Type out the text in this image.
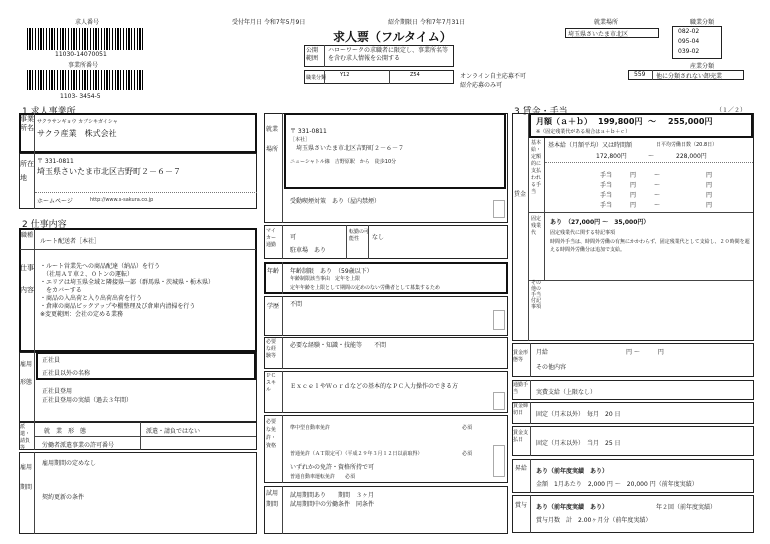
求人番号
11030-14070051
事業所番号
1103- 3454-5
受付年月日 令和7年5月9日	紹介期限日 令和7年7月31日
求人票（フルタイム）
公開範囲
ハローワークの求職者に限定し、事業所名等を含む求人情報を公開する
職業分類	Y12	Z54	オンライン自主応募不可
紹介応募のみ可
就業場所
埼玉県さいたま市北区
職業分類
082-02
095-04
039-02
産業分類
559 他に分類されない卸売業
1 求人事業所
事業所名
サクラサンギョウ カブシキガイシャ
サクラ産業　株式会社
所在地
〒 331-0811
埼玉県さいたま市北区吉野町２－６－７
ホームページ	http://www.s-sakura.co.jp
2 仕事内容
職種
ルート配送者［本社］
仕事内容

・ルート営業先への商品配達（納品）を行う
　（社用ＡＴ車２、０トンの運転）
・エリアは埼玉県全域と隣接県一部（群馬県・茨城県・栃木県）
　をカバーする
・商品の入出荷と入り出荷出荷を行う
・倉庫の商品ピックアップや棚整理及び倉庫内清掃を行う
※変更範囲：会社の定める業務

雇用形態
正社員
正社員以外の名称
正社員登用
正社員登用の実績（過去３年間）
派遣・請負等
就　業　形　態	派遣・請負ではない
労働者派遣事業の許可番号
雇用期間
雇用期間の定めなし
契約更新の条件
就業場所
〒 331-0811
［本社］
埼玉県さいたま市北区吉野町２－６－７
ニューシャトル線　吉野原駅　から　徒歩10分
受動喫煙対策　あり（屋内禁煙）
マイカー通勤
可
駐車場　あり
転勤の可能性	なし
年齢 年齢制限　あり　（59歳以下）
年齢制限該当事由　定年を上限
定年年齢を上限として期間の定めのない労働者として募集するため
学歴 不問
必要な経験等
必要な経験・知識・技能等　　不問
ＰＣスキル	ＥｘｃｅｌやＷｏｒｄなどの基本的なＰＣ入力操作のできる方
必要な免許・資格
準中型自動車免許	必須
普通免許（ＡＴ限定可）（平成２９年３月１２日以前取得）	必須
いずれかの免許・資格所持で可
普通自動車運転免許　　必須
試用期間
試用期間あり　　期間　３ヶ月
試用期間中の労働条件　同条件
3 賃金・手当	（１／２）
賃金
月額（ａ＋ｂ） 199,800円 ～ 255,000円
※（固定残業代がある場合はａ＋ｂ＋ｃ）
基本給・定額的に支払われる手当
基本給（月額平均）又は時間額	日平均労働日数（20.8日）
172,800円	～	228,000円
手当	円	～	円
手当	円	～	円
手当	円	～	円
手当	円	～	円
固定残業代
あり　（27,000円 ～　35,000円）
固定残業代に関する特記事項
時間外手当は、時間外労働の有無にかかわらず、固定残業代として支給し、２０時間を超える時間外労働分は追加で支給。
その他の手当付記事項
賃金形態等
月給	円 ～　　　円
その他内容
通勤手当	実費支給（上限なし）
賃金締切日	固定（月末以外）　毎月　20 日
賃金支払日	固定（月末以外）　当月　25 日
昇給 あり（前年度実績　あり）
金額　1月あたり　2,000 円 ～　20,000 円（前年度実績）
賞与 あり（前年度実績　あり）	年２回（前年度実績）
賞与月数　計　2.00ヶ月分（前年度実績）
